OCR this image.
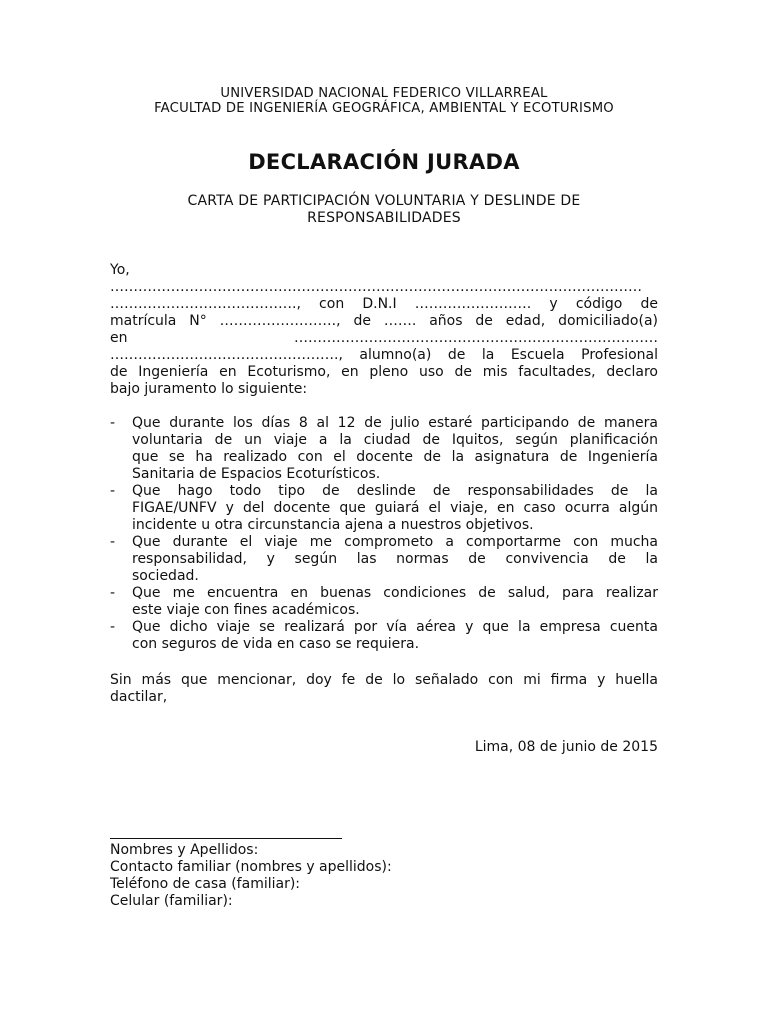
UNIVERSIDAD NACIONAL FEDERICO VILLARREAL
FACULTAD DE INGENIERÍA GEOGRÁFICA, AMBIENTAL Y ECOTURISMO
DECLARACIÓN JURADA
CARTA DE PARTICIPACIÓN VOLUNTARIA Y DESLINDE DE RESPONSABILIDADES
Yo,
……………………………………………………………………………………………………
…………………………………., con D.N.I ……………………. y código de
matrícula N° ……………………., de ……. años de edad, domiciliado(a)
en	……………………………………………………………………
…………………………………………., alumno(a) de la Escuela Profesional
de Ingeniería en Ecoturismo, en pleno uso de mis facultades, declaro
bajo juramento lo siguiente:
- Que durante los días 8 al 12 de julio estaré participando de manera
voluntaria de un viaje a la ciudad de Iquitos, según planificación
que se ha realizado con el docente de la asignatura de Ingeniería
Sanitaria de Espacios Ecoturísticos.
- Que hago todo tipo de deslinde de responsabilidades de la
FIGAE/UNFV y del docente que guiará el viaje, en caso ocurra algún
incidente u otra circunstancia ajena a nuestros objetivos.
- Que durante el viaje me comprometo a comportarme con mucha
responsabilidad, y según las normas de convivencia de la
sociedad.
- Que me encuentra en buenas condiciones de salud, para realizar
este viaje con fines académicos.
- Que dicho viaje se realizará por vía aérea y que la empresa cuenta
con seguros de vida en caso se requiera.
Sin más que mencionar, doy fe de lo señalado con mi firma y huella
dactilar,
Lima, 08 de junio de 2015
Nombres y Apellidos:
Contacto familiar (nombres y apellidos):
Teléfono de casa (familiar):
Celular (familiar):
